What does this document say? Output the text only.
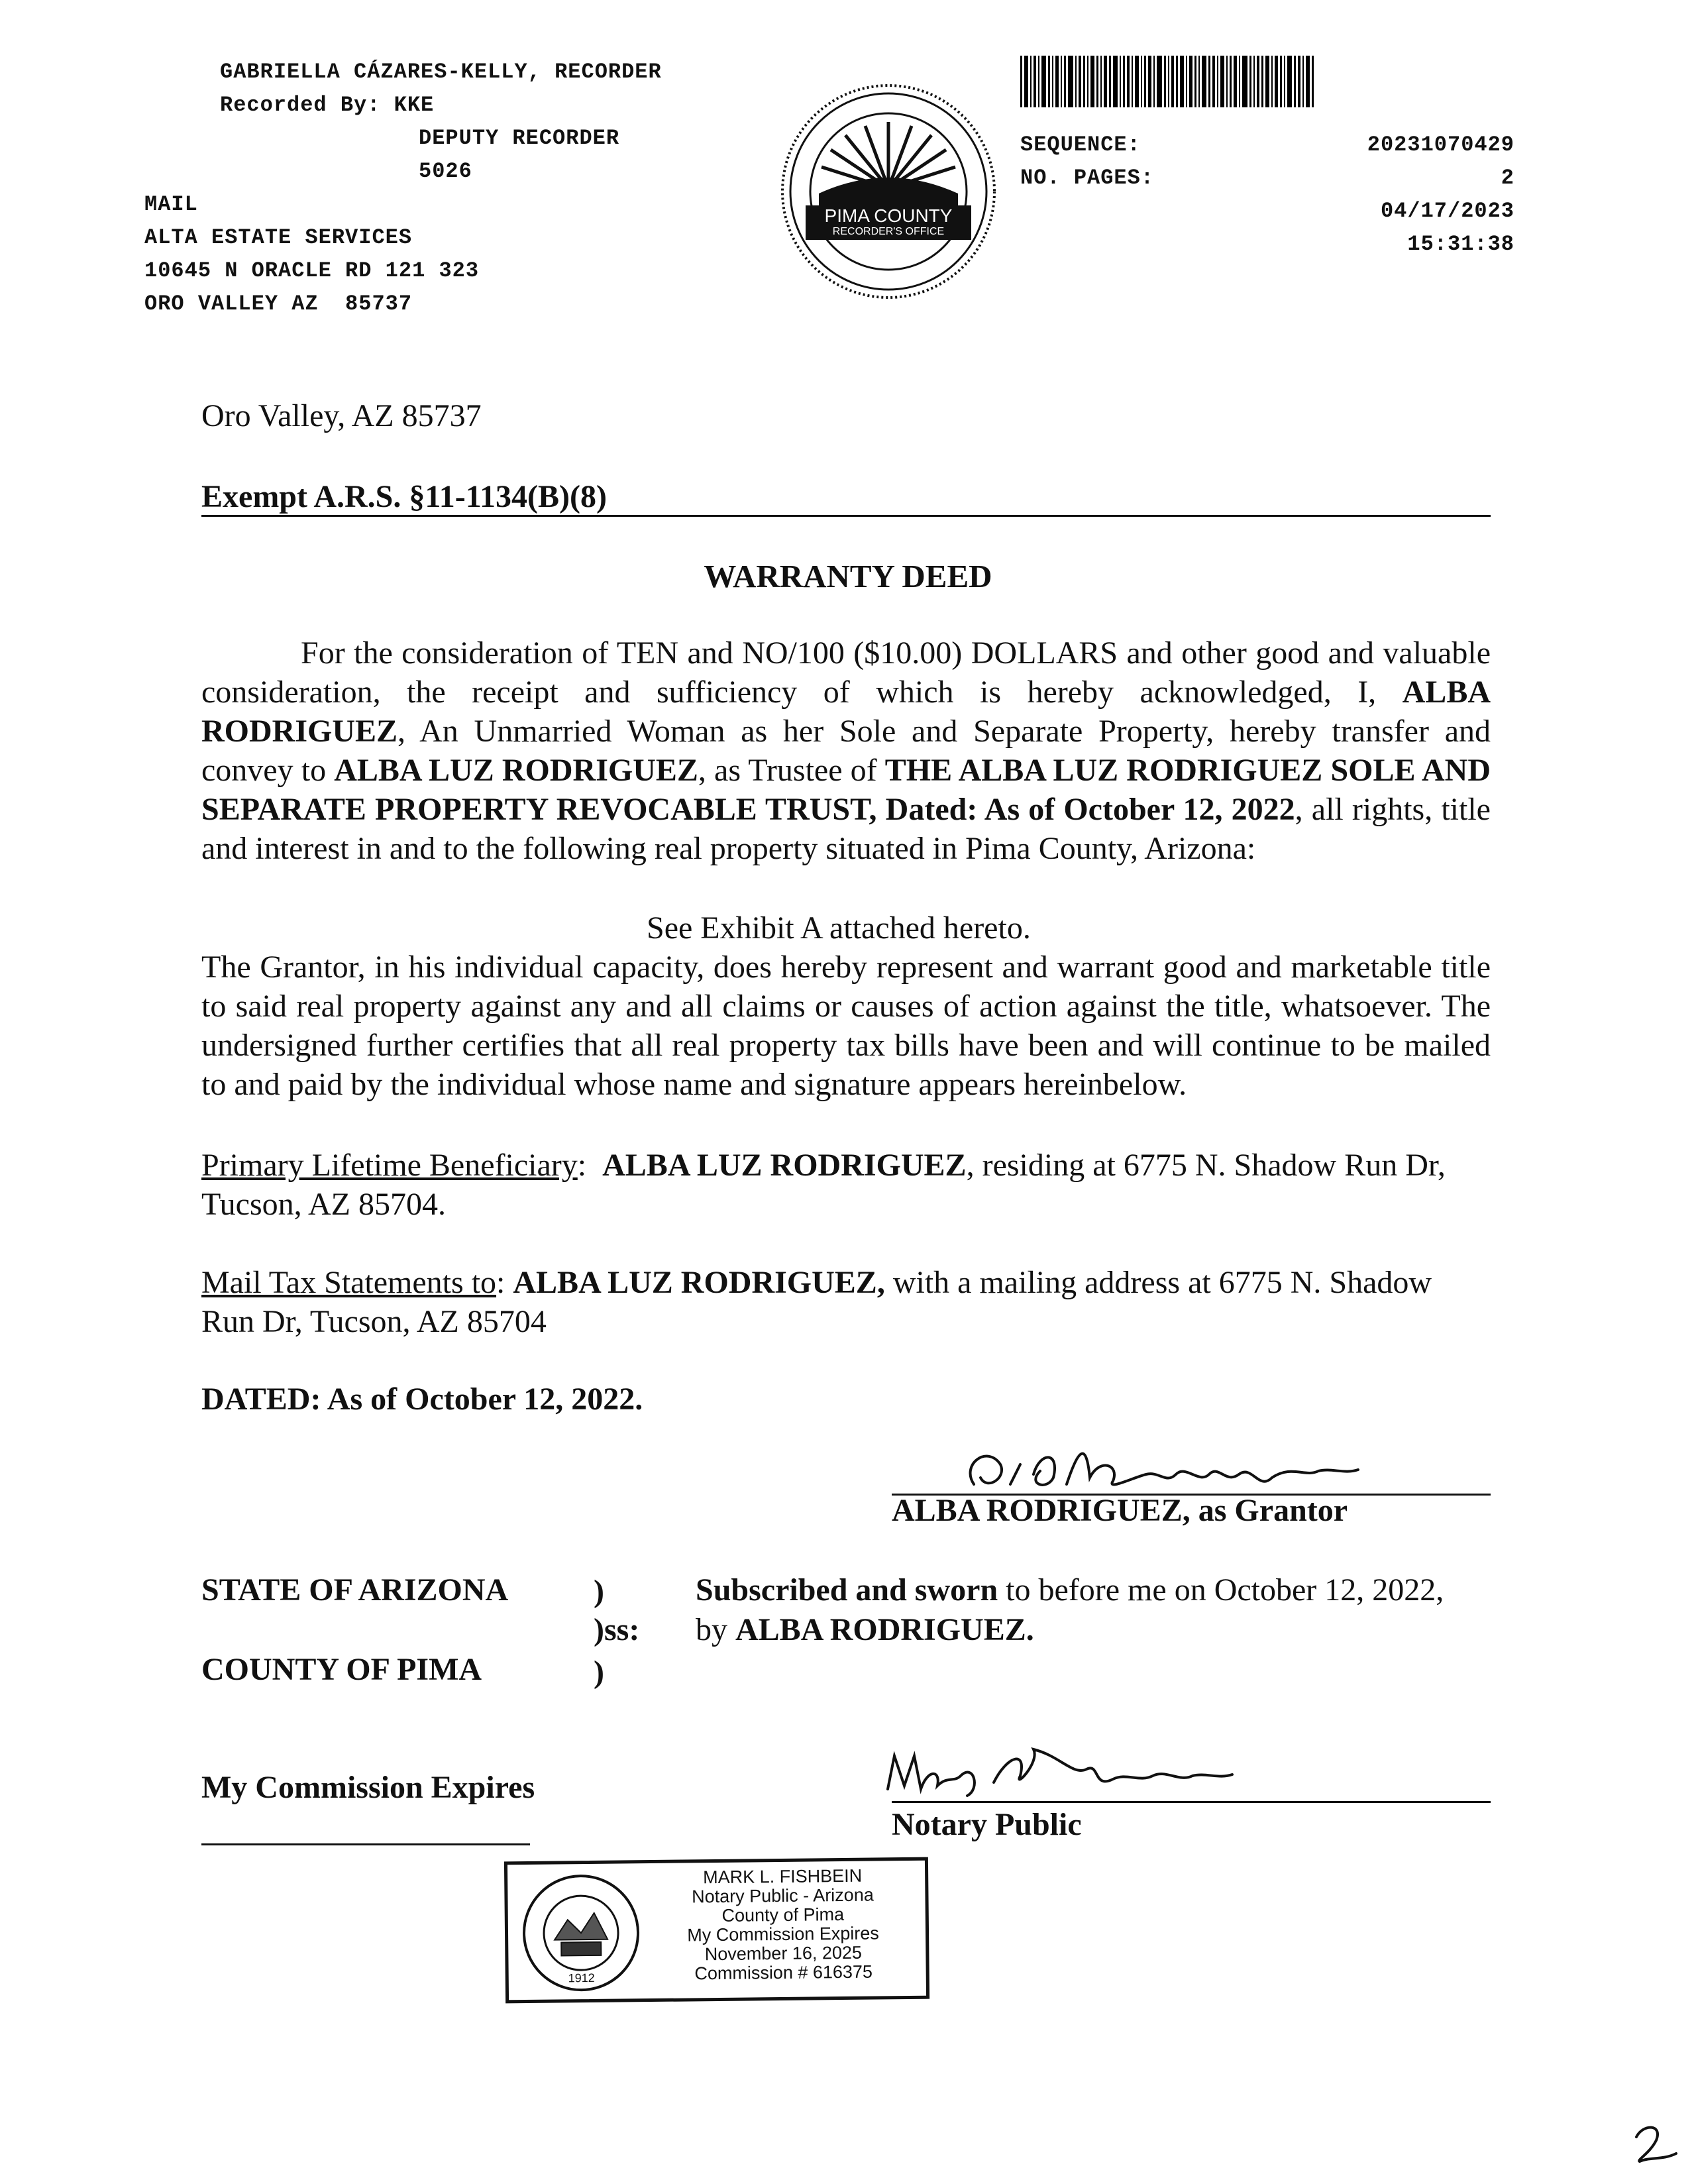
GABRIELLA CÁZARES-KELLY, RECORDER
Recorded By: KKE
DEPUTY RECORDER
5026
MAIL
ALTA ESTATE SERVICES
10645 N ORACLE RD 121 323
ORO VALLEY AZ  85737
PIMA COUNTY
RECORDER'S OFFICE
SEQUENCE:	20231070429
NO. PAGES:	2
04/17/2023
15:31:38
Oro Valley, AZ 85737
Exempt A.R.S. §11-1134(B)(8)
WARRANTY DEED
For the consideration of TEN and NO/100 ($10.00) DOLLARS and other good and valuable consideration, the receipt and sufficiency of which is hereby acknowledged, I, ALBA RODRIGUEZ, An Unmarried Woman as her Sole and Separate Property, hereby transfer and convey to ALBA LUZ RODRIGUEZ, as Trustee of THE ALBA LUZ RODRIGUEZ SOLE AND SEPARATE PROPERTY REVOCABLE TRUST, Dated: As of October 12, 2022, all rights, title and interest in and to the following real property situated in Pima County, Arizona:
See Exhibit A attached hereto.
The Grantor, in his individual capacity, does hereby represent and warrant good and marketable title to said real property against any and all claims or causes of action against the title, whatsoever. The undersigned further certifies that all real property tax bills have been and will continue to be mailed to and paid by the individual whose name and signature appears hereinbelow.
Primary Lifetime Beneficiary:  ALBA LUZ RODRIGUEZ, residing at 6775 N. Shadow Run Dr, Tucson, AZ 85704.
Mail Tax Statements to: ALBA LUZ RODRIGUEZ, with a mailing address at 6775 N. Shadow Run Dr, Tucson, AZ 85704
DATED: As of October 12, 2022.
ALBA RODRIGUEZ, as Grantor
STATE OF ARIZONA
COUNTY OF PIMA
)
)ss:
)
Subscribed and sworn to before me on October 12, 2022,
by ALBA RODRIGUEZ.
My Commission Expires
Notary Public
1912
MARK L. FISHBEIN
Notary Public - Arizona
County of Pima
My Commission Expires
November 16, 2025
Commission # 616375
